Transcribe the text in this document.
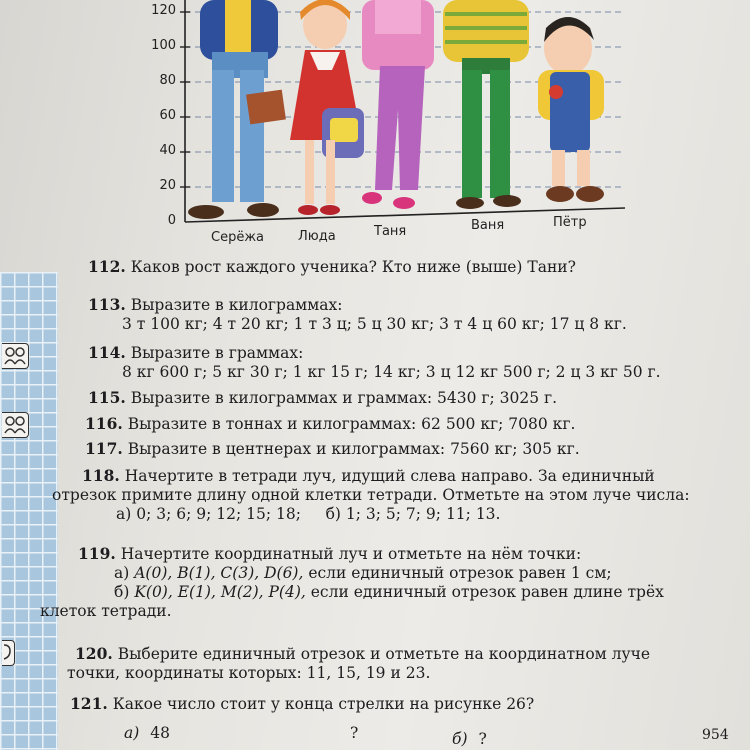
120
100
80
60
40
20
0
Серёжа	Люда	Таня	Ваня	Пётр
112. Каков рост каждого ученика? Кто ниже (выше) Тани?
113. Выразите в килограммах:
3 т 100 кг; 4 т 20 кг; 1 т 3 ц; 5 ц 30 кг; 3 т 4 ц 60 кг; 17 ц 8 кг.
114. Выразите в граммах:
8 кг 600 г; 5 кг 30 г; 1 кг 15 г; 14 кг; 3 ц 12 кг 500 г; 2 ц 3 кг 50 г.
115. Выразите в килограммах и граммах: 5430 г; 3025 г.
116. Выразите в тоннах и килограммах: 62 500 кг; 7080 кг.
117. Выразите в центнерах и килограммах: 7560 кг; 305 кг.
118. Начертите в тетради луч, идущий слева направо. За единичный
отрезок примите длину одной клетки тетради. Отметьте на этом луче числа:
а) 0; 3; 6; 9; 12; 15; 18;     б) 1; 3; 5; 7; 9; 11; 13.
119. Начертите координатный луч и отметьте на нём точки:
а) A(0), B(1), C(3), D(6), если единичный отрезок равен 1 см;
б) K(0), E(1), M(2), P(4), если единичный отрезок равен длине трёх
клеток тетради.
120. Выберите единичный отрезок и отметьте на координатном луче
точки, координаты которых: 11, 15, 19 и 23.
121. Какое число стоит у конца стрелки на рисунке 26?
а) 48	?	б) ?	954
